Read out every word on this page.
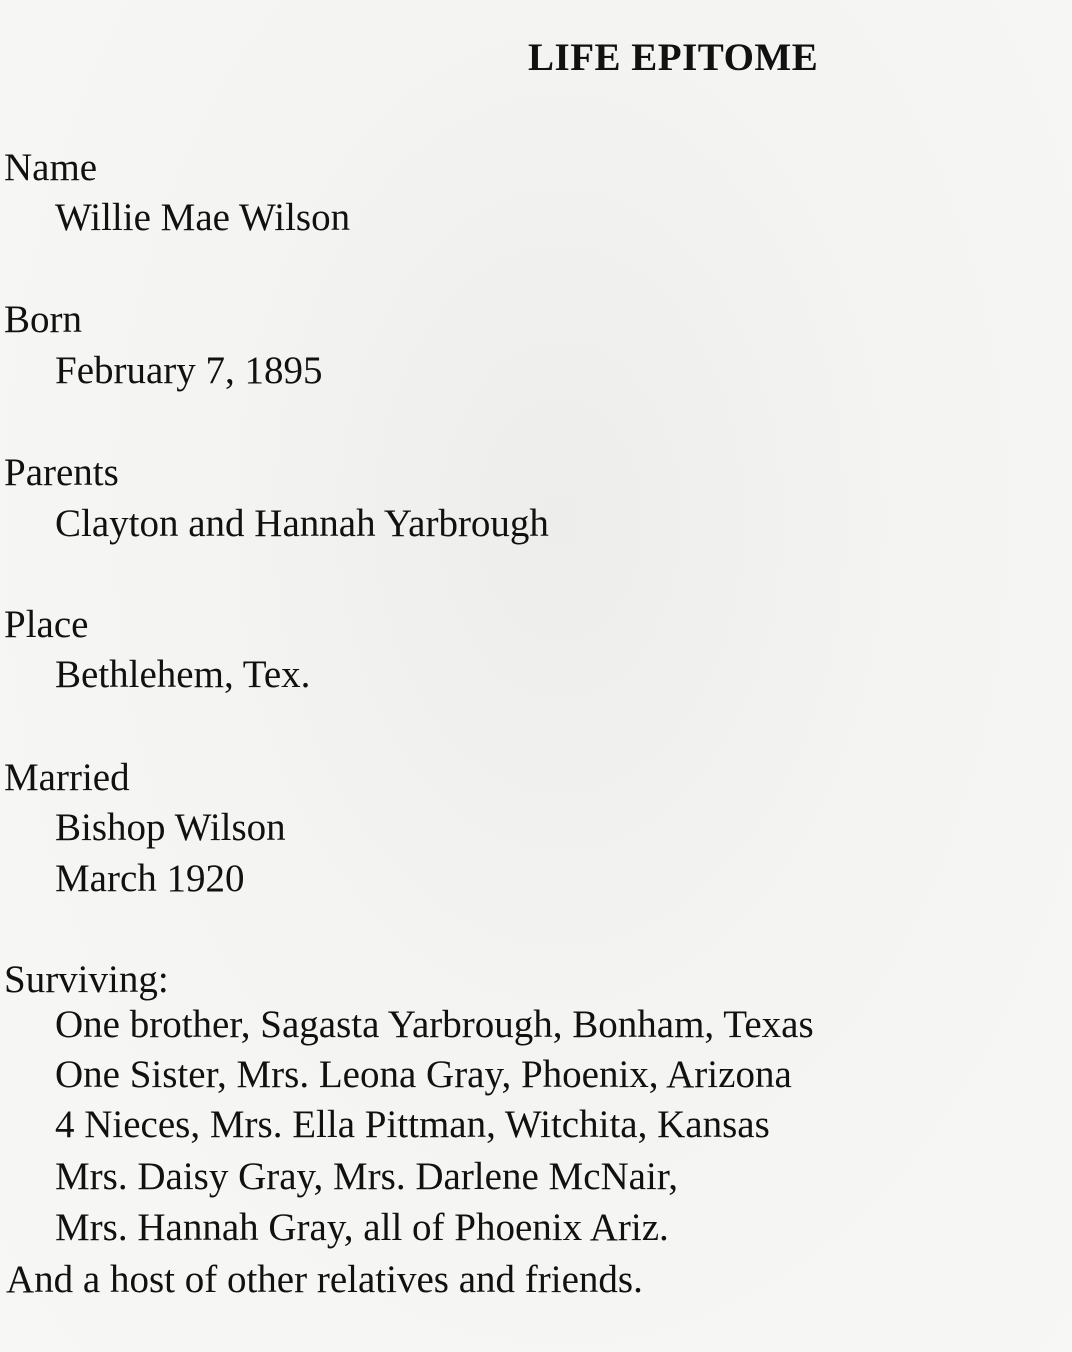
LIFE EPITOME
Name
Willie Mae Wilson
Born
February 7, 1895
Parents
Clayton and Hannah Yarbrough
Place
Bethlehem, Tex.
Married
Bishop Wilson
March 1920
Surviving:
One brother, Sagasta Yarbrough, Bonham, Texas
One Sister, Mrs. Leona Gray, Phoenix, Arizona
4 Nieces, Mrs. Ella Pittman, Witchita, Kansas
Mrs. Daisy Gray, Mrs. Darlene McNair,
Mrs. Hannah Gray, all of Phoenix Ariz.
And a host of other relatives and friends.
